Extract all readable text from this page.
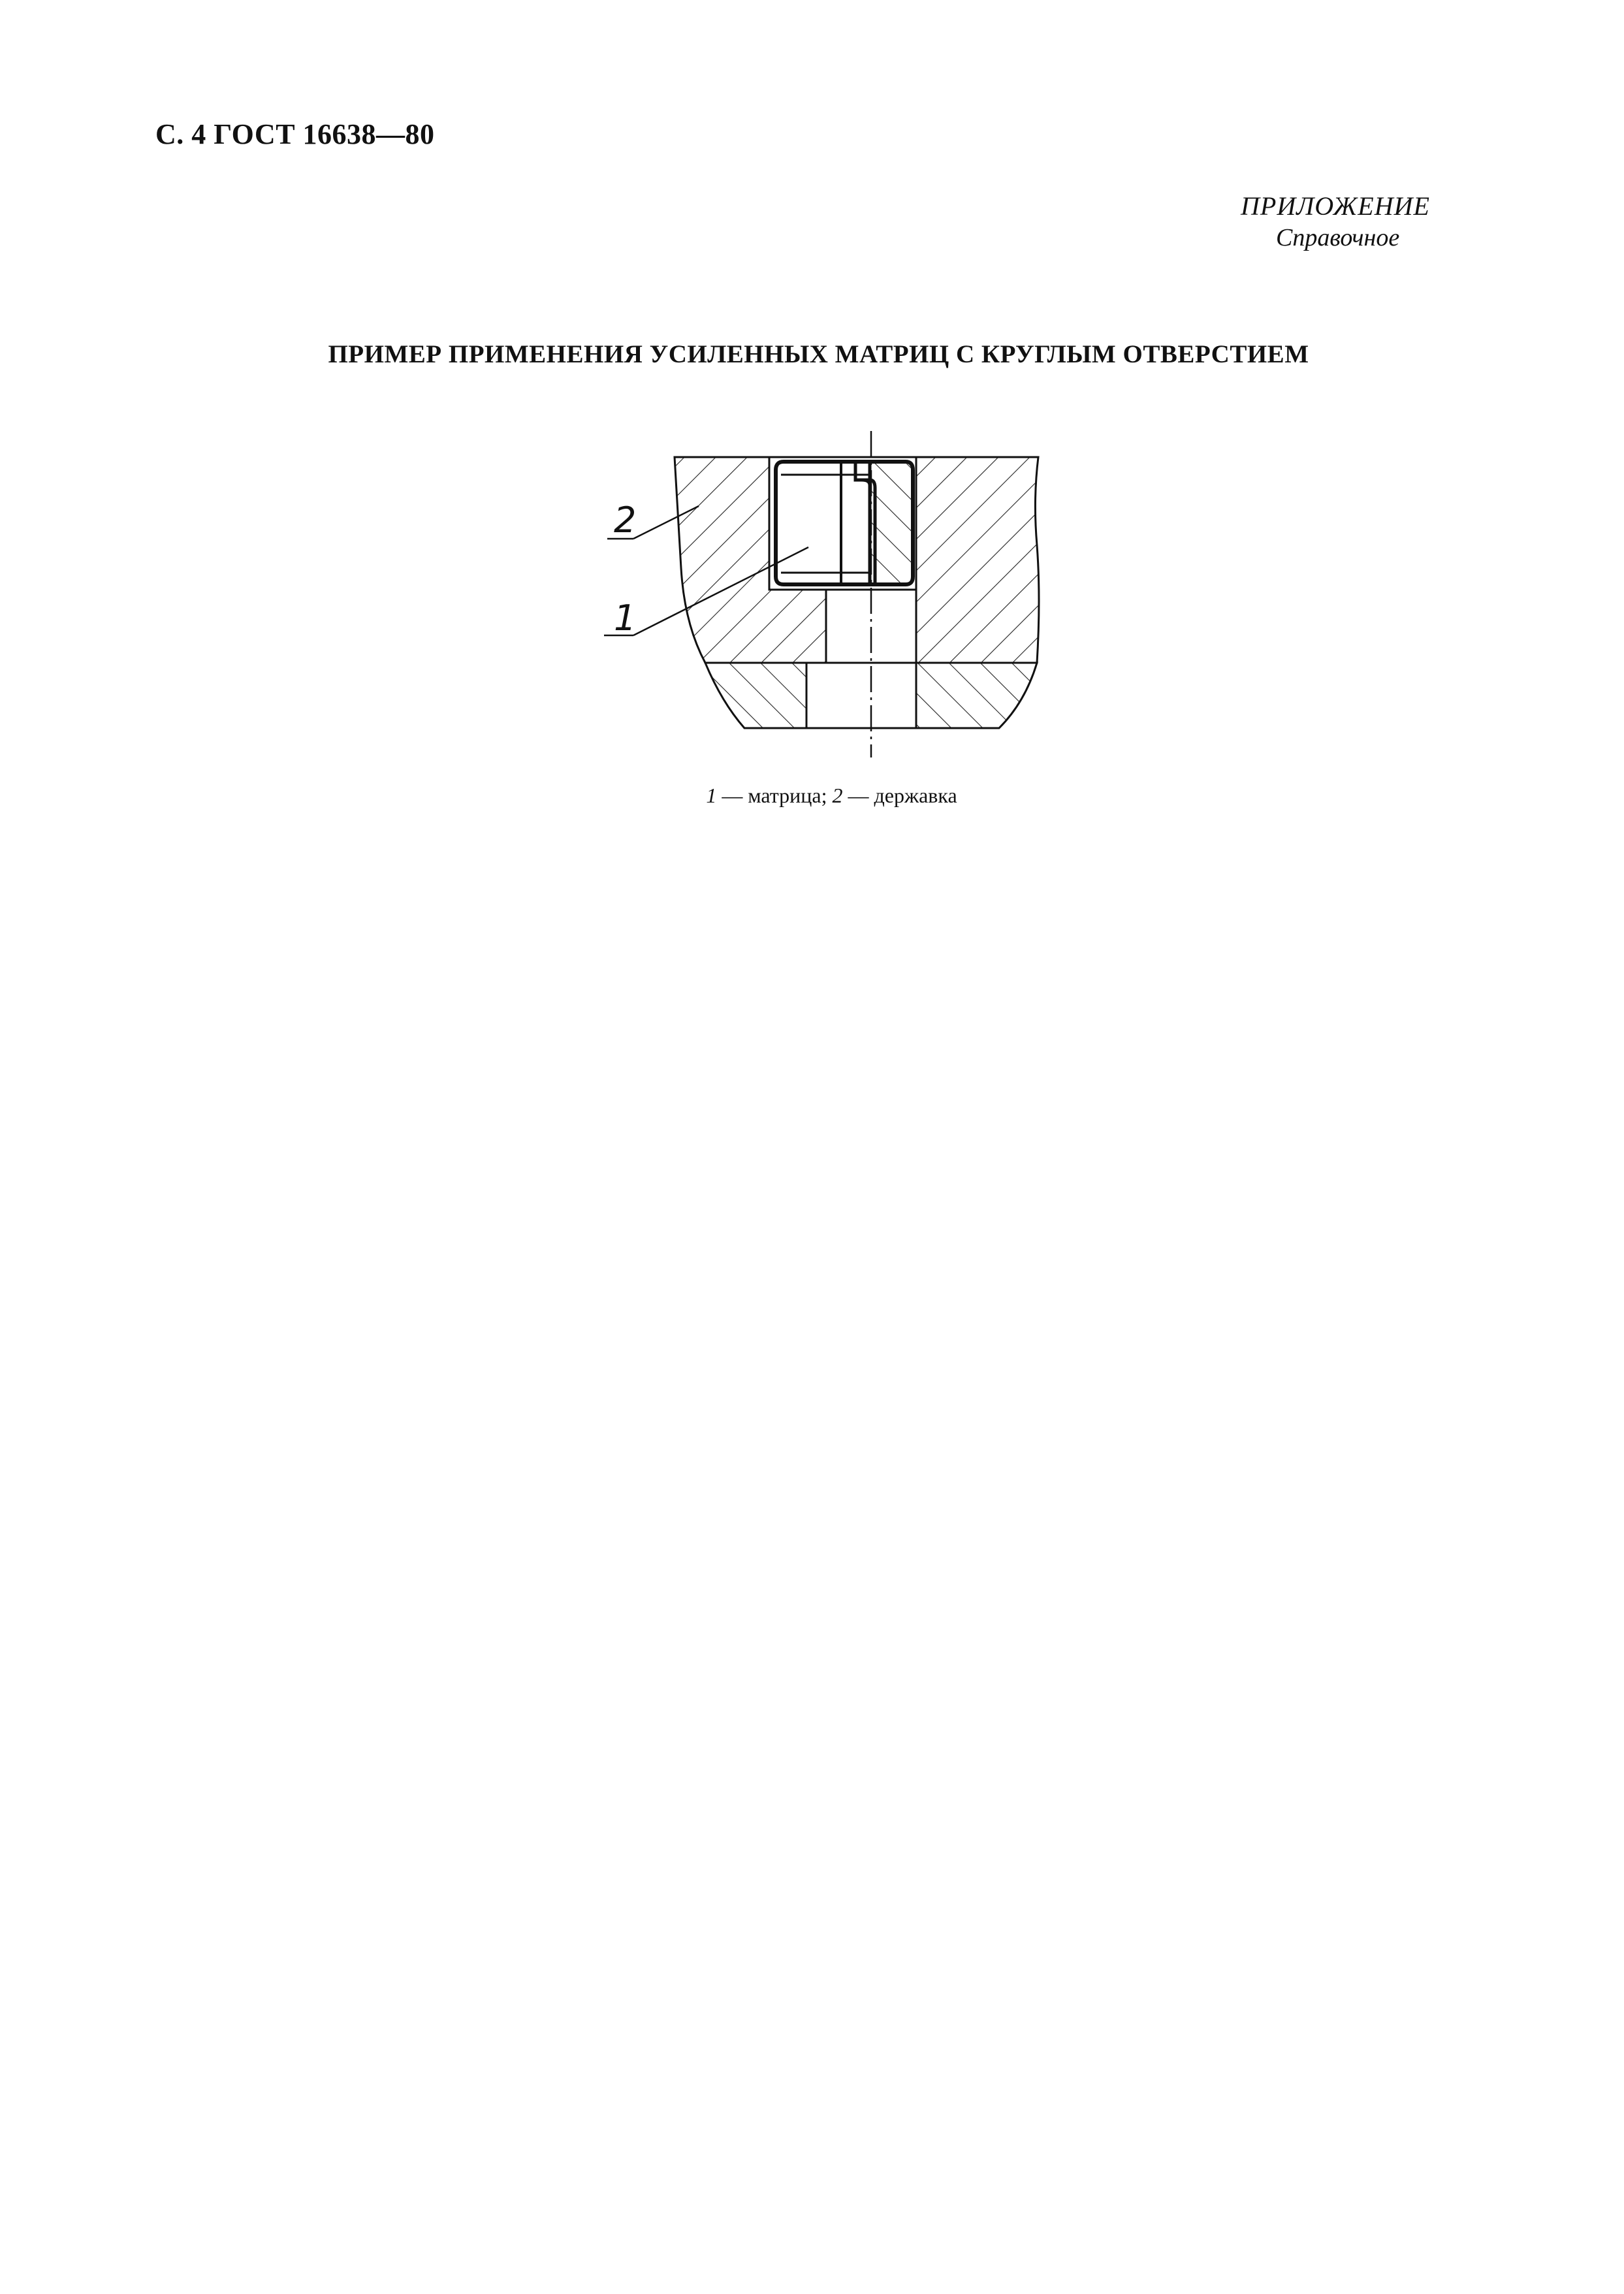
С. 4 ГОСТ 16638—80
ПРИЛОЖЕНИЕ
Справочное
ПРИМЕР ПРИМЕНЕНИЯ УСИЛЕННЫХ МАТРИЦ С КРУГЛЫМ ОТВЕРСТИЕМ
2
1
1 — матрица; 2 — державка
